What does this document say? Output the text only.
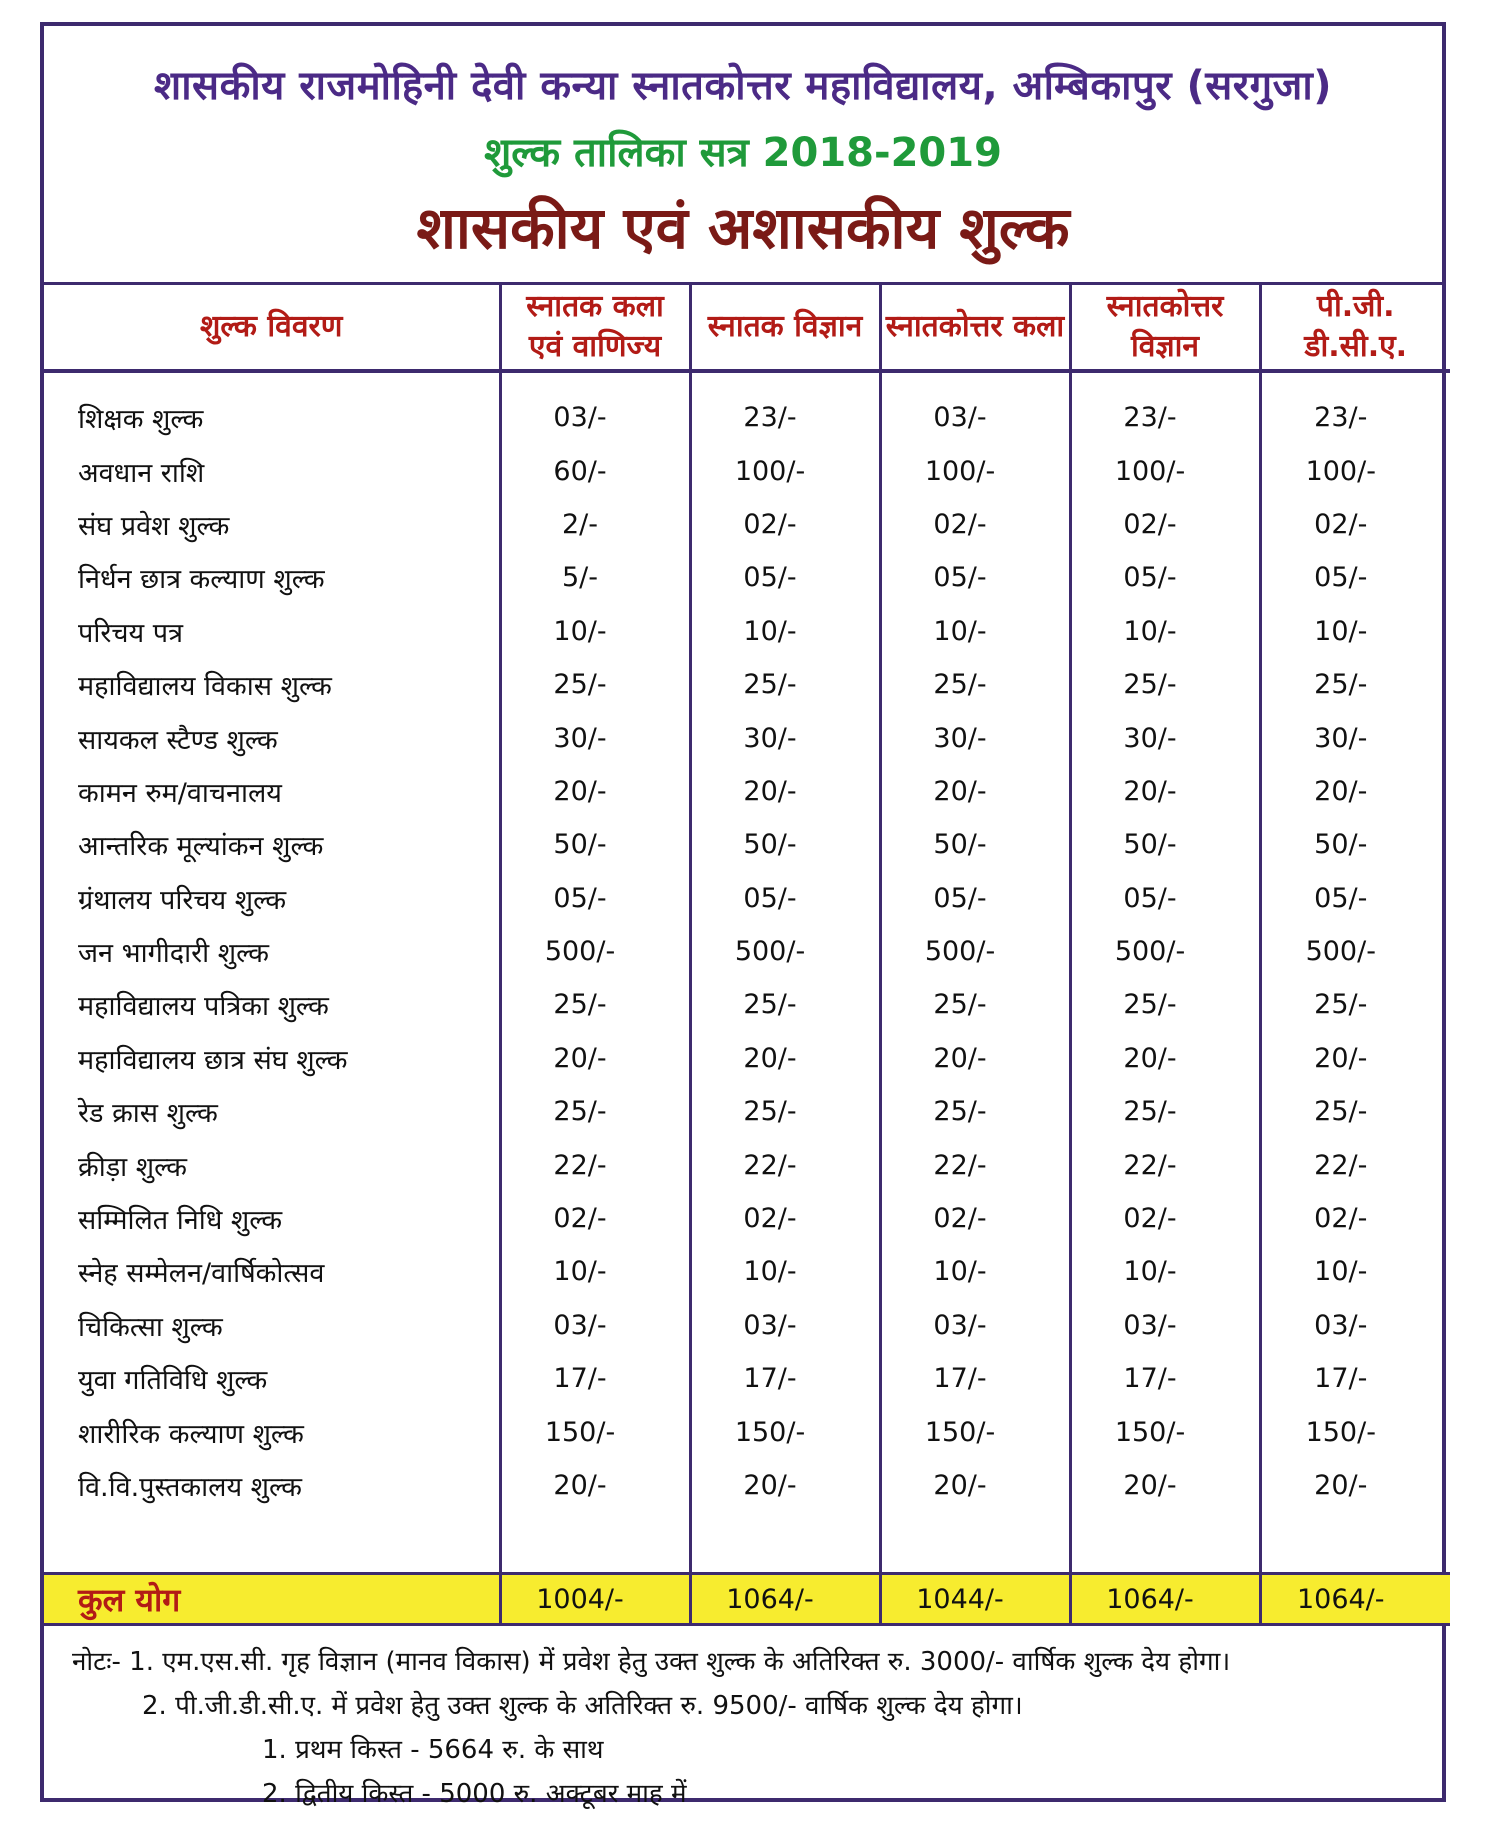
शासकीय राजमोहिनी देवी कन्या स्नातकोत्तर महाविद्यालय, अम्बिकापुर (सरगुजा)
शुल्क तालिका सत्र 2018-2019
शासकीय एवं अशासकीय शुल्क
शुल्क विवरण	स्नातक कला एवं वाणिज्य	स्नातक विज्ञान	स्नातकोत्तर कला	स्नातकोत्तर विज्ञान	पी.जी. डी.सी.ए.
शिक्षक शुल्क	03/-	23/-	03/-	23/-	23/-
अवधान राशि	60/-	100/-	100/-	100/-	100/-
संघ प्रवेश शुल्क	2/-	02/-	02/-	02/-	02/-
निर्धन छात्र कल्याण शुल्क	5/-	05/-	05/-	05/-	05/-
परिचय पत्र	10/-	10/-	10/-	10/-	10/-
महाविद्यालय विकास शुल्क	25/-	25/-	25/-	25/-	25/-
सायकल स्टैण्ड शुल्क	30/-	30/-	30/-	30/-	30/-
कामन रुम/वाचनालय	20/-	20/-	20/-	20/-	20/-
आन्तरिक मूल्यांकन शुल्क	50/-	50/-	50/-	50/-	50/-
ग्रंथालय परिचय शुल्क	05/-	05/-	05/-	05/-	05/-
जन भागीदारी शुल्क	500/-	500/-	500/-	500/-	500/-
महाविद्यालय पत्रिका शुल्क	25/-	25/-	25/-	25/-	25/-
महाविद्यालय छात्र संघ शुल्क	20/-	20/-	20/-	20/-	20/-
रेड क्रास शुल्क	25/-	25/-	25/-	25/-	25/-
क्रीड़ा शुल्क	22/-	22/-	22/-	22/-	22/-
सम्मिलित निधि शुल्क	02/-	02/-	02/-	02/-	02/-
स्नेह सम्मेलन/वार्षिकोत्सव	10/-	10/-	10/-	10/-	10/-
चिकित्सा शुल्क	03/-	03/-	03/-	03/-	03/-
युवा गतिविधि शुल्क	17/-	17/-	17/-	17/-	17/-
शारीरिक कल्याण शुल्क	150/-	150/-	150/-	150/-	150/-
वि.वि.पुस्तकालय शुल्क	20/-	20/-	20/-	20/-	20/-

कुल योग	1004/-	1064/-	1044/-	1064/-	1064/-
नोटः- 1. एम.एस.सी. गृह विज्ञान (मानव विकास) में प्रवेश हेतु उक्त शुल्क के अतिरिक्त रु. 3000/- वार्षिक शुल्क देय होगा।
2. पी.जी.डी.सी.ए. में प्रवेश हेतु उक्त शुल्क के अतिरिक्त रु. 9500/- वार्षिक शुल्क देय होगा।
1. प्रथम किस्त - 5664 रु. के साथ
2. द्वितीय किस्त - 5000 रु. अक्टूबर माह में
